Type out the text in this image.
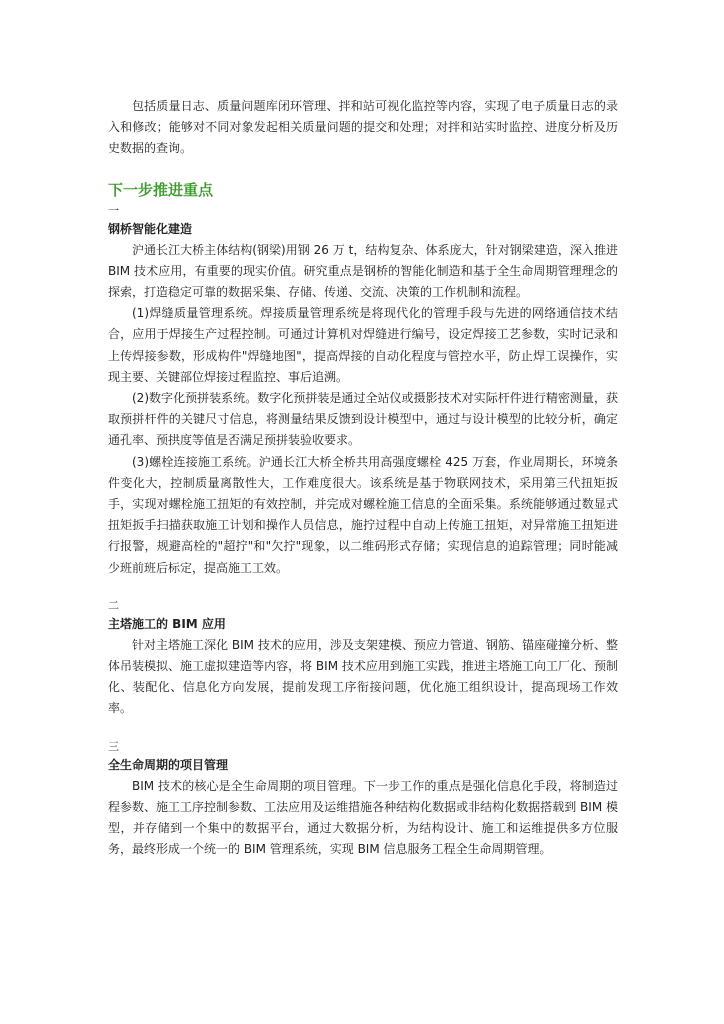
包括质量日志、质量问题库闭环管理、拌和站可视化监控等内容，实现了电子质量日志的录入和修改；能够对不同对象发起相关质量问题的提交和处理；对拌和站实时监控、进度分析及历史数据的查询。

下一步推进重点
一
钢桥智能化建造

沪通长江大桥主体结构(钢梁)用钢 26 万 t，结构复杂、体系庞大，针对钢梁建造，深入推进 BIM 技术应用，有重要的现实价值。研究重点是钢桥的智能化制造和基于全生命周期管理理念的探索，打造稳定可靠的数据采集、存储、传递、交流、决策的工作机制和流程。

(1)焊缝质量管理系统。焊接质量管理系统是将现代化的管理手段与先进的网络通信技术结合，应用于焊接生产过程控制。可通过计算机对焊缝进行编号，设定焊接工艺参数，实时记录和上传焊接参数，形成构件"焊缝地图"，提高焊接的自动化程度与管控水平，防止焊工误操作，实现主要、关键部位焊接过程监控、事后追溯。

(2)数字化预拼装系统。数字化预拼装是通过全站仪或摄影技术对实际杆件进行精密测量，获取预拼杆件的关键尺寸信息，将测量结果反馈到设计模型中，通过与设计模型的比较分析，确定通孔率、预拱度等值是否满足预拼装验收要求。

(3)螺栓连接施工系统。沪通长江大桥全桥共用高强度螺栓 425 万套，作业周期长，环境条件变化大，控制质量离散性大，工作难度很大。该系统是基于物联网技术，采用第三代扭矩扳手，实现对螺栓施工扭矩的有效控制，并完成对螺栓施工信息的全面采集。系统能够通过数显式扭矩扳手扫描获取施工计划和操作人员信息，施拧过程中自动上传施工扭矩，对异常施工扭矩进行报警，规避高栓的"超拧"和"欠拧"现象，以二维码形式存储；实现信息的追踪管理；同时能减少班前班后标定，提高施工工效。

二
主塔施工的 BIM 应用

针对主塔施工深化 BIM 技术的应用，涉及支架建模、预应力管道、钢筋、锚座碰撞分析、整体吊装模拟、施工虚拟建造等内容，将 BIM 技术应用到施工实践，推进主塔施工向工厂化、预制化、装配化、信息化方向发展，提前发现工序衔接问题，优化施工组织设计，提高现场工作效率。

三
全生命周期的项目管理

BIM 技术的核心是全生命周期的项目管理。下一步工作的重点是强化信息化手段，将制造过程参数、施工工序控制参数、工法应用及运维措施各种结构化数据或非结构化数据搭载到 BIM 模型，并存储到一个集中的数据平台，通过大数据分析，为结构设计、施工和运维提供多方位服务，最终形成一个统一的 BIM 管理系统，实现 BIM 信息服务工程全生命周期管理。
